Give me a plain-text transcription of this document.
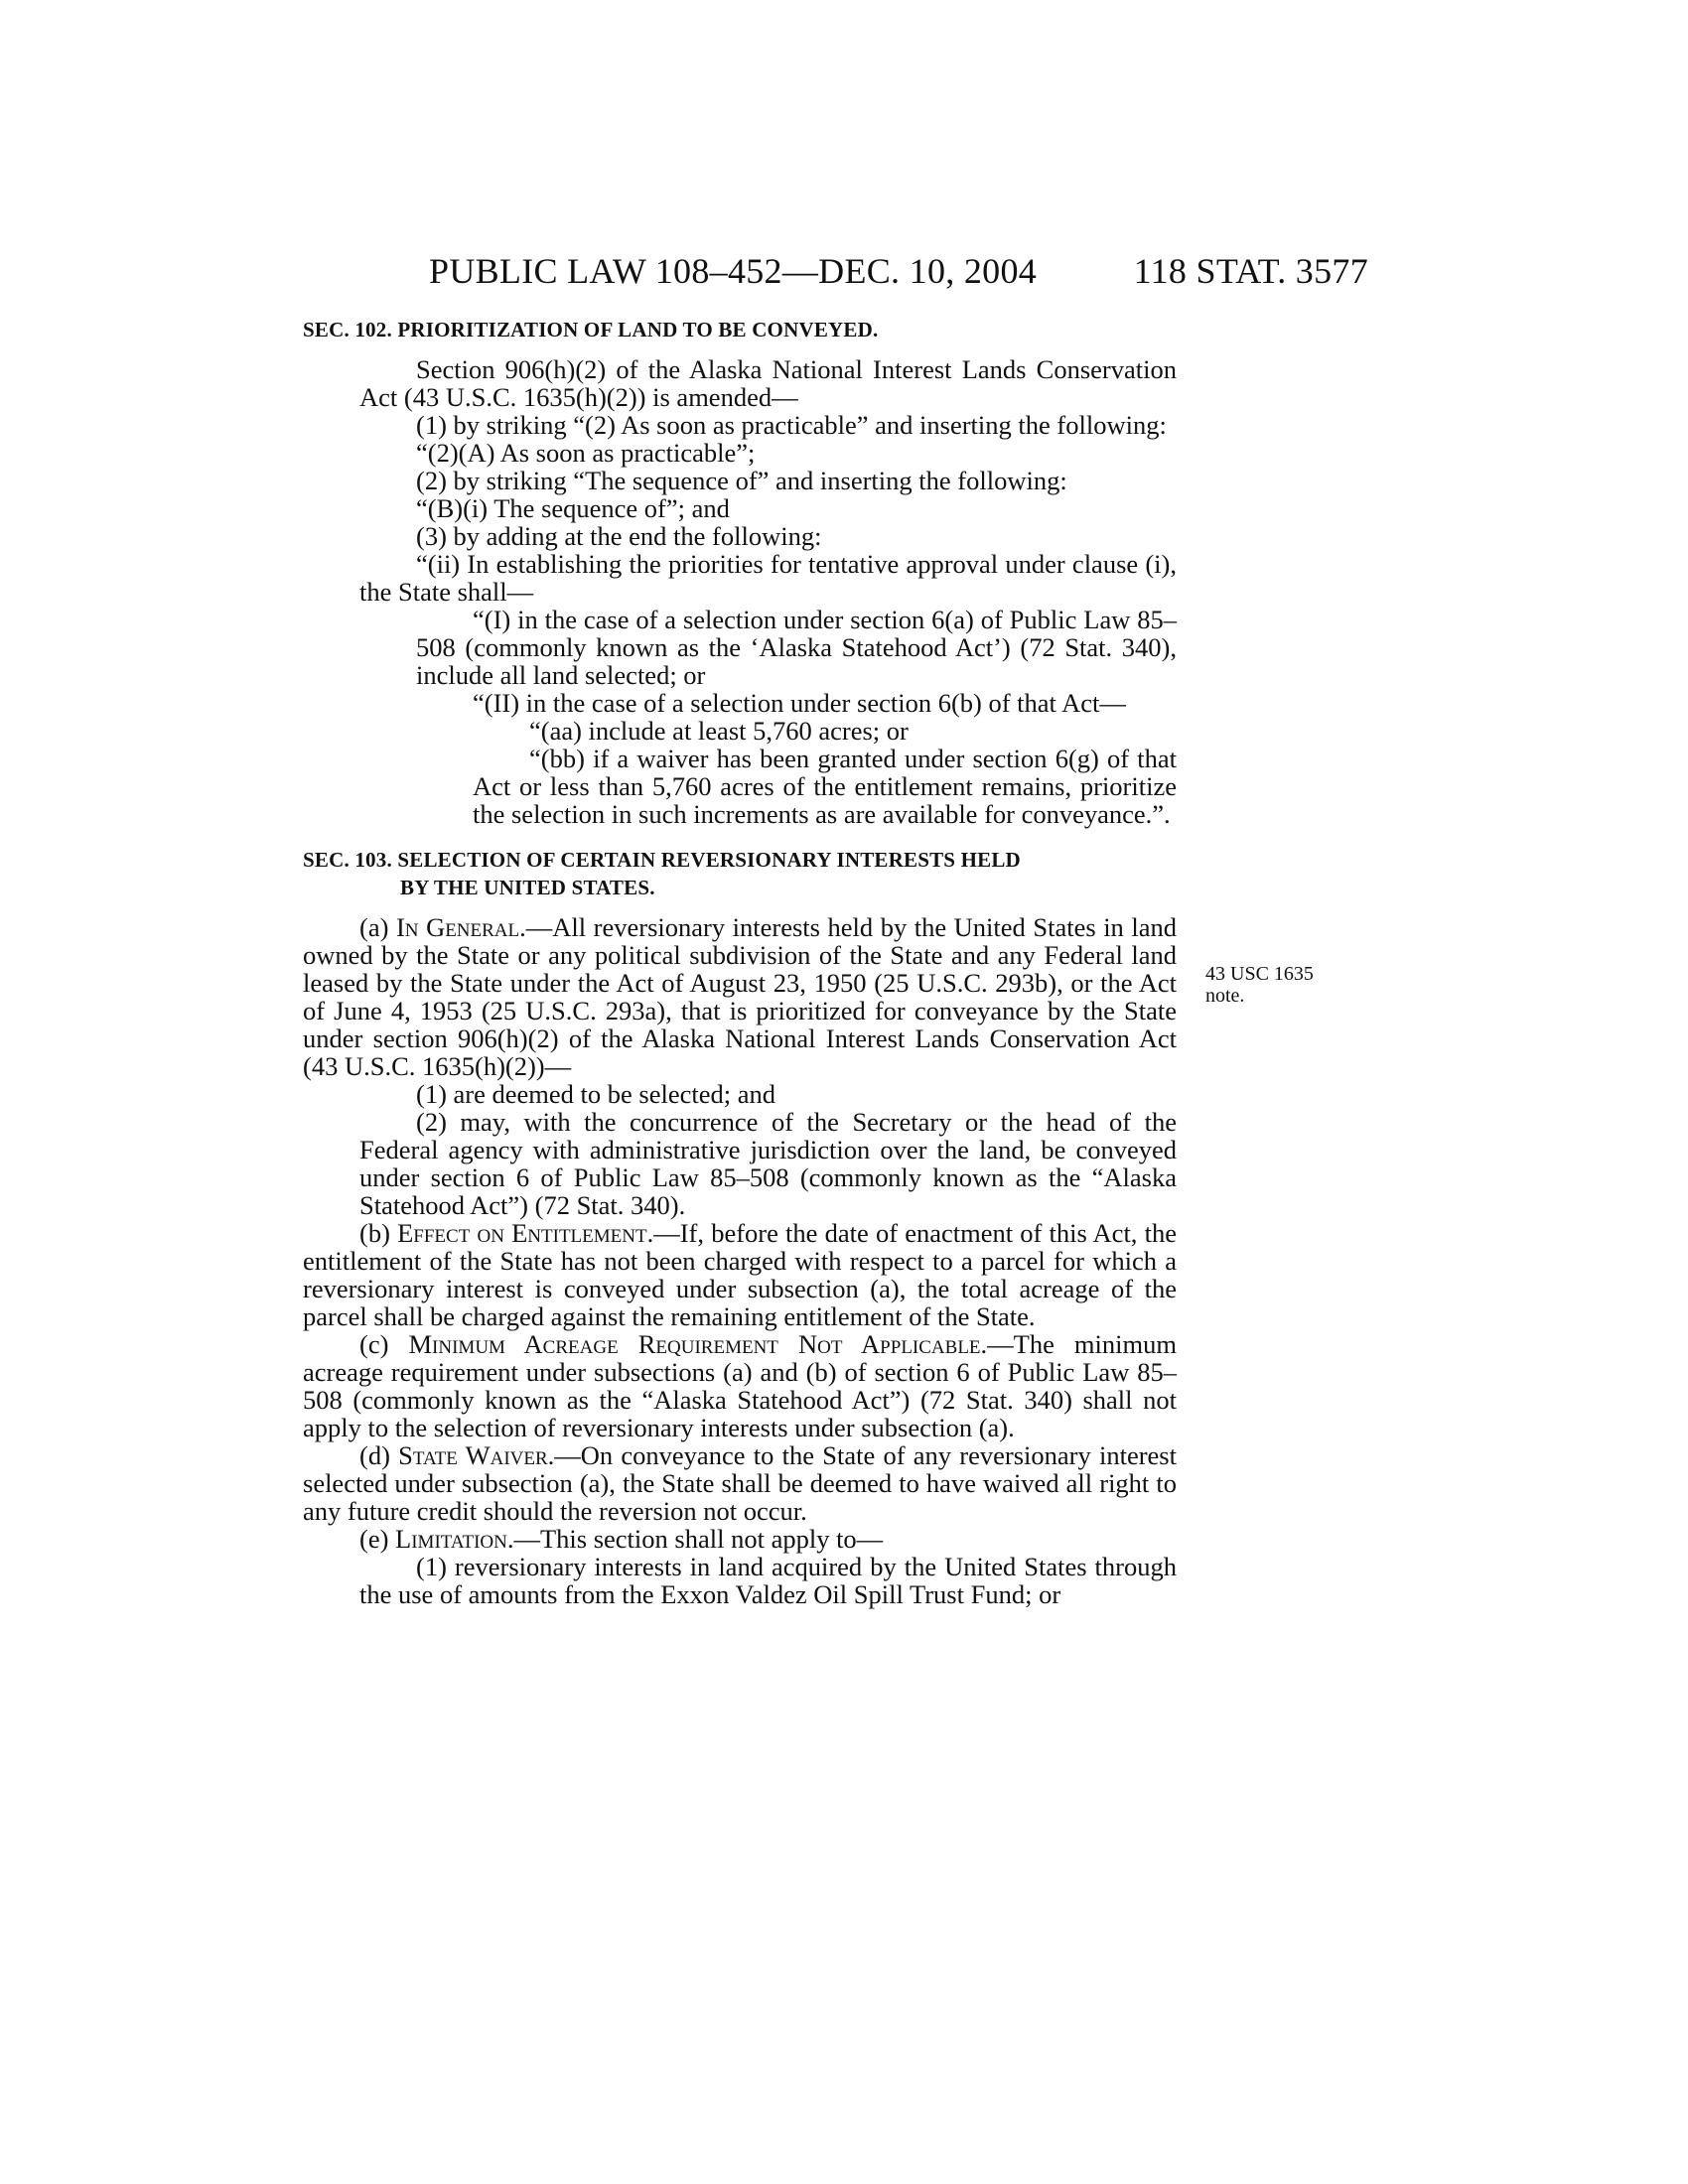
PUBLIC LAW 108–452—DEC. 10, 2004	118 STAT. 3577
43 USC 1635
note.

SEC. 102. PRIORITIZATION OF LAND TO BE CONVEYED.

Section 906(h)(2) of the Alaska National Interest Lands Conservation Act (43 U.S.C. 1635(h)(2)) is amended—

(1) by striking “(2) As soon as practicable” and inserting the following:

“(2)(A) As soon as practicable”;

(2) by striking “The sequence of” and inserting the following:

“(B)(i) The sequence of”; and

(3) by adding at the end the following:

“(ii) In establishing the priorities for tentative approval under clause (i), the State shall—

“(I) in the case of a selection under section 6(a) of Public Law 85–508 (commonly known as the ‘Alaska Statehood Act’) (72 Stat. 340), include all land selected; or

“(II) in the case of a selection under section 6(b) of that Act—

“(aa) include at least 5,760 acres; or

“(bb) if a waiver has been granted under section 6(g) of that Act or less than 5,760 acres of the entitlement remains, prioritize the selection in such increments as are available for conveyance.”.

SEC. 103. SELECTION OF CERTAIN REVERSIONARY INTERESTS HELD
BY THE UNITED STATES.

(a) In General.—All reversionary interests held by the United States in land owned by the State or any political subdivision of the State and any Federal land leased by the State under the Act of August 23, 1950 (25 U.S.C. 293b), or the Act of June 4, 1953 (25 U.S.C. 293a), that is prioritized for conveyance by the State under section 906(h)(2) of the Alaska National Interest Lands Conservation Act (43 U.S.C. 1635(h)(2))—

(1) are deemed to be selected; and

(2) may, with the concurrence of the Secretary or the head of the Federal agency with administrative jurisdiction over the land, be conveyed under section 6 of Public Law 85–508 (commonly known as the “Alaska Statehood Act”) (72 Stat. 340).

(b) Effect on Entitlement.—If, before the date of enactment of this Act, the entitlement of the State has not been charged with respect to a parcel for which a reversionary interest is conveyed under subsection (a), the total acreage of the parcel shall be charged against the remaining entitlement of the State.

(c) Minimum Acreage Requirement Not Applicable.—The minimum acreage requirement under subsections (a) and (b) of section 6 of Public Law 85–508 (commonly known as the “Alaska Statehood Act”) (72 Stat. 340) shall not apply to the selection of reversionary interests under subsection (a).

(d) State Waiver.—On conveyance to the State of any reversionary interest selected under subsection (a), the State shall be deemed to have waived all right to any future credit should the reversion not occur.

(e) Limitation.—This section shall not apply to—

(1) reversionary interests in land acquired by the United States through the use of amounts from the Exxon Valdez Oil Spill Trust Fund; or
